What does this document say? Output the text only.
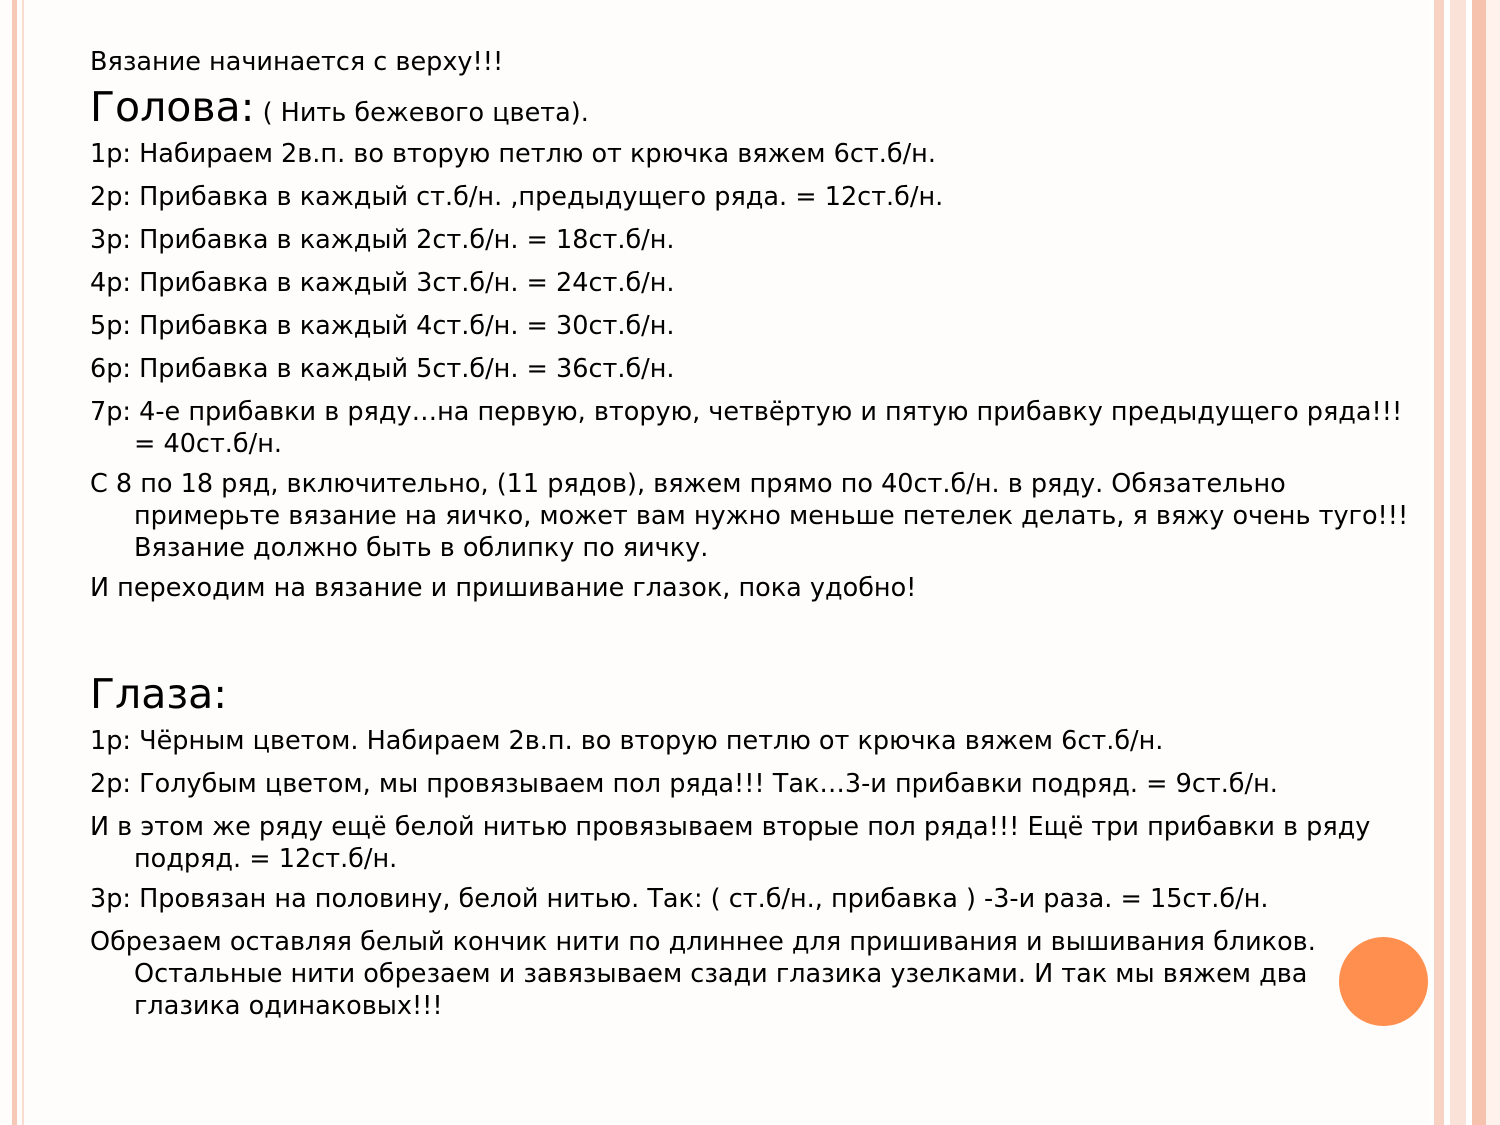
Вязание начинается с верху!!!
Голова: ( Нить бежевого цвета).
1р: Набираем 2в.п. во вторую петлю от крючка вяжем 6ст.б/н.
2р: Прибавка в каждый ст.б/н. ,предыдущего ряда. = 12ст.б/н.
3р: Прибавка в каждый 2ст.б/н. = 18ст.б/н.
4р: Прибавка в каждый 3ст.б/н. = 24ст.б/н.
5р: Прибавка в каждый 4ст.б/н. = 30ст.б/н.
6р: Прибавка в каждый 5ст.б/н. = 36ст.б/н.
7р: 4-е прибавки в ряду…на первую, вторую, четвёртую и пятую прибавку предыдущего ряда!!! = 40ст.б/н.
С 8 по 18 ряд, включительно, (11 рядов), вяжем прямо по 40ст.б/н. в ряду. Обязательно примерьте вязание на яичко, может вам нужно меньше петелек делать, я вяжу очень туго!!! Вязание должно быть в облипку по яичку.
И переходим на вязание и пришивание глазок, пока удобно!
Глаза:
1р: Чёрным цветом. Набираем 2в.п. во вторую петлю от крючка вяжем 6ст.б/н.
2р: Голубым цветом, мы провязываем пол ряда!!! Так…3-и прибавки подряд. = 9ст.б/н.
И в этом же ряду ещё белой нитью провязываем вторые пол ряда!!! Ещё три прибавки в ряду подряд. = 12ст.б/н.
3р: Провязан на половину, белой нитью. Так: ( ст.б/н., прибавка ) -3-и раза. = 15ст.б/н.
Обрезаем оставляя белый кончик нити по длиннее для пришивания и вышивания бликов. Остальные нити обрезаем и завязываем сзади глазика узелками. И так мы вяжем два глазика одинаковых!!!
